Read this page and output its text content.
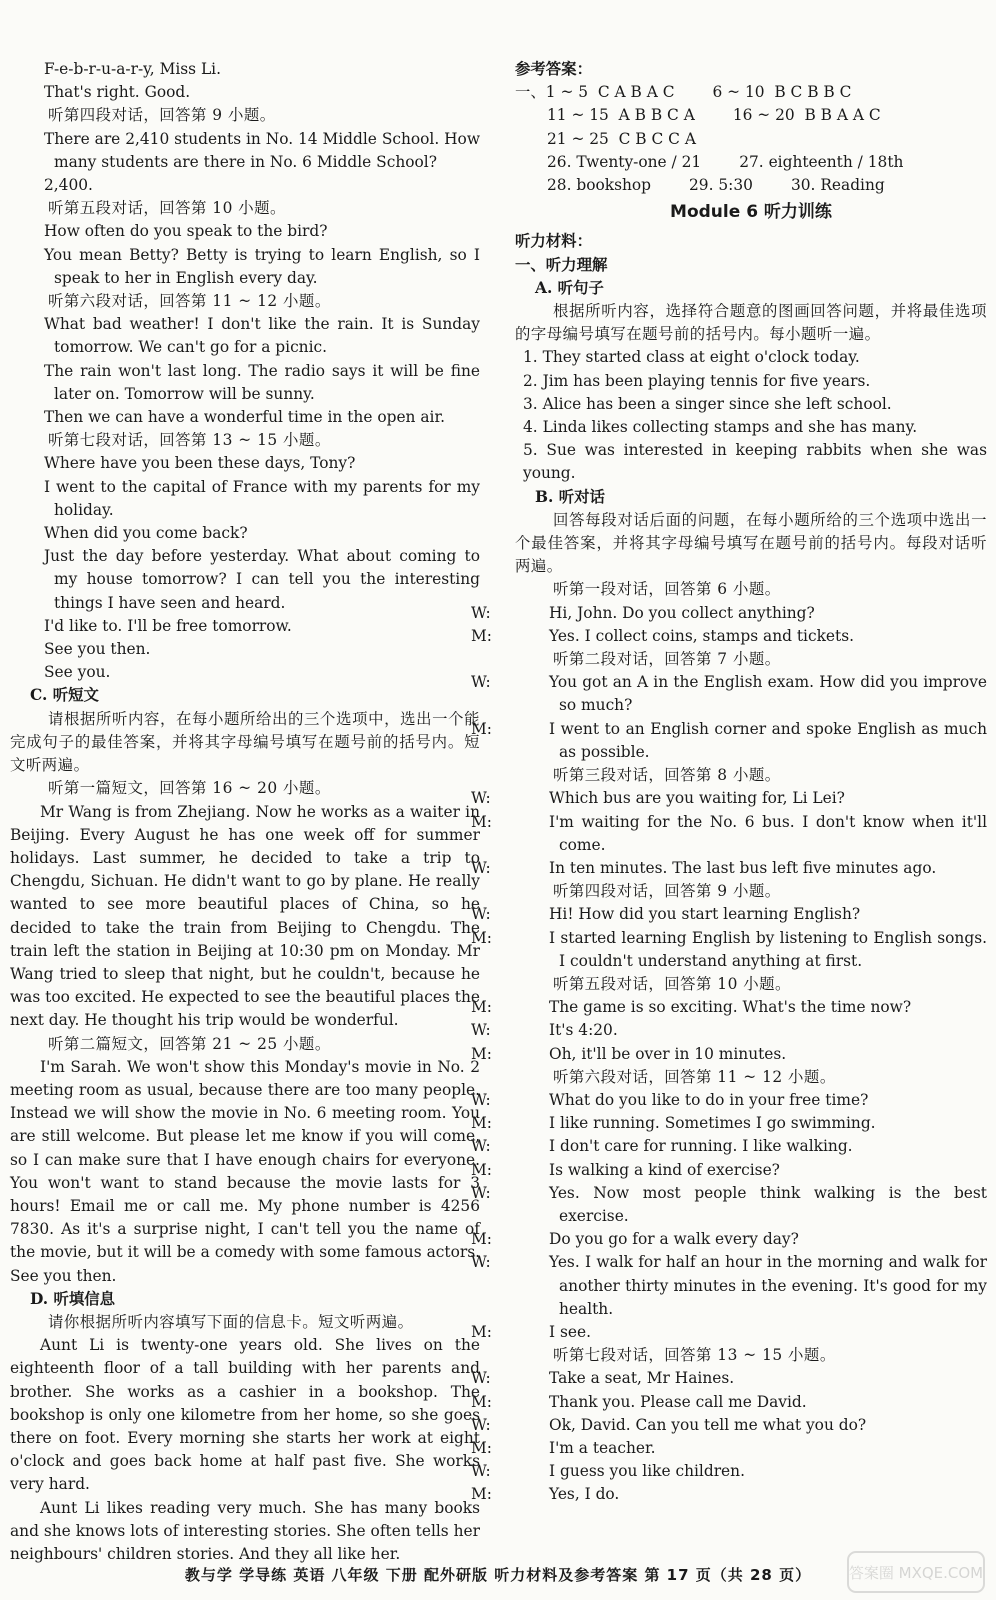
F-e-b-r-u-a-r-y, Miss Li.
That's right. Good.
听第四段对话，回答第 9 小题。
There are 2,410 students in No. 14 Middle School. How many students are there in No. 6 Middle School?
2,400.
听第五段对话，回答第 10 小题。
How often do you speak to the bird?
You mean Betty? Betty is trying to learn English, so I speak to her in English every day.
听第六段对话，回答第 11 ~ 12 小题。
What bad weather! I don't like the rain. It is Sunday tomorrow. We can't go for a picnic.
The rain won't last long. The radio says it will be fine later on. Tomorrow will be sunny.
Then we can have a wonderful time in the open air.
听第七段对话，回答第 13 ~ 15 小题。
Where have you been these days, Tony?
I went to the capital of France with my parents for my holiday.
When did you come back?
Just the day before yesterday. What about coming to my house tomorrow? I can tell you the interesting things I have seen and heard.
I'd like to. I'll be free tomorrow.
See you then.
See you.
C. 听短文
请根据所听内容，在每小题所给出的三个选项中，选出一个能完成句子的最佳答案，并将其字母编号填写在题号前的括号内。短文听两遍。
听第一篇短文，回答第 16 ~ 20 小题。
Mr Wang is from Zhejiang. Now he works as a waiter in Beijing. Every August he has one week off for summer holidays. Last summer, he decided to take a trip to Chengdu, Sichuan. He didn't want to go by plane. He really wanted to see more beautiful places of China, so he decided to take the train from Beijing to Chengdu. The train left the station in Beijing at 10:30 pm on Monday. Mr Wang tried to sleep that night, but he couldn't, because he was too excited. He expected to see the beautiful places the next day. He thought his trip would be wonderful.
听第二篇短文，回答第 21 ~ 25 小题。
I'm Sarah. We won't show this Monday's movie in No. 2 meeting room as usual, because there are too many people. Instead we will show the movie in No. 6 meeting room. You are still welcome. But please let me know if you will come, so I can make sure that I have enough chairs for everyone. You won't want to stand because the movie lasts for 3 hours! Email me or call me. My phone number is 4256 7830. As it's a surprise night, I can't tell you the name of the movie, but it will be a comedy with some famous actors. See you then.
D. 听填信息
请你根据所听内容填写下面的信息卡。短文听两遍。
Aunt Li is twenty-one years old. She lives on the eighteenth floor of a tall building with her parents and brother. She works as a cashier in a bookshop. The bookshop is only one kilometre from her home, so she goes there on foot. Every morning she starts her work at eight o'clock and goes back home at half past five. She works very hard.
Aunt Li likes reading very much. She has many books and she knows lots of interesting stories. She often tells her neighbours' children stories. And they all like her.
参考答案：
一、1 ~ 5  C A B A C 6 ~ 10  B C B B C
11 ~ 15  A B B C A 16 ~ 20  B B A A C
21 ~ 25  C B C C A
26. Twenty-one / 21 27. eighteenth / 18th
28. bookshop 29. 5:30 30. Reading
Module 6 听力训练
听力材料：
一、听力理解
A. 听句子
根据所听内容，选择符合题意的图画回答问题，并将最佳选项的字母编号填写在题号前的括号内。每小题听一遍。
1. They started class at eight o'clock today.
2. Jim has been playing tennis for five years.
3. Alice has been a singer since she left school.
4. Linda likes collecting stamps and she has many.
5. Sue was interested in keeping rabbits when she was young.
B. 听对话
回答每段对话后面的问题，在每小题所给的三个选项中选出一个最佳答案，并将其字母编号填写在题号前的括号内。每段对话听两遍。
听第一段对话，回答第 6 小题。
W:	Hi, John. Do you collect anything?
M:	Yes. I collect coins, stamps and tickets.
听第二段对话，回答第 7 小题。
W:	You got an A in the English exam. How did you improve so much?
M:	I went to an English corner and spoke English as much as possible.
听第三段对话，回答第 8 小题。
W:	Which bus are you waiting for, Li Lei?
M:	I'm waiting for the No. 6 bus. I don't know when it'll come.
W:	In ten minutes. The last bus left five minutes ago.
听第四段对话，回答第 9 小题。
W:	Hi! How did you start learning English?
M:	I started learning English by listening to English songs. I couldn't understand anything at first.
听第五段对话，回答第 10 小题。
M:	The game is so exciting. What's the time now?
W:	It's 4:20.
M:	Oh, it'll be over in 10 minutes.
听第六段对话，回答第 11 ~ 12 小题。
W:	What do you like to do in your free time?
M:	I like running. Sometimes I go swimming.
W:	I don't care for running. I like walking.
M:	Is walking a kind of exercise?
W:	Yes. Now most people think walking is the best exercise.
M:	Do you go for a walk every day?
W:	Yes. I walk for half an hour in the morning and walk for another thirty minutes in the evening. It's good for my health.
M:	I see.
听第七段对话，回答第 13 ~ 15 小题。
W:	Take a seat, Mr Haines.
M:	Thank you. Please call me David.
W:	Ok, David. Can you tell me what you do?
M:	I'm a teacher.
W:	I guess you like children.
M:	Yes, I do.
教与学 学导练 英语 八年级 下册 配外研版 听力材料及参考答案 第 17 页（共 28 页）	答案圈 MXQE.COM
